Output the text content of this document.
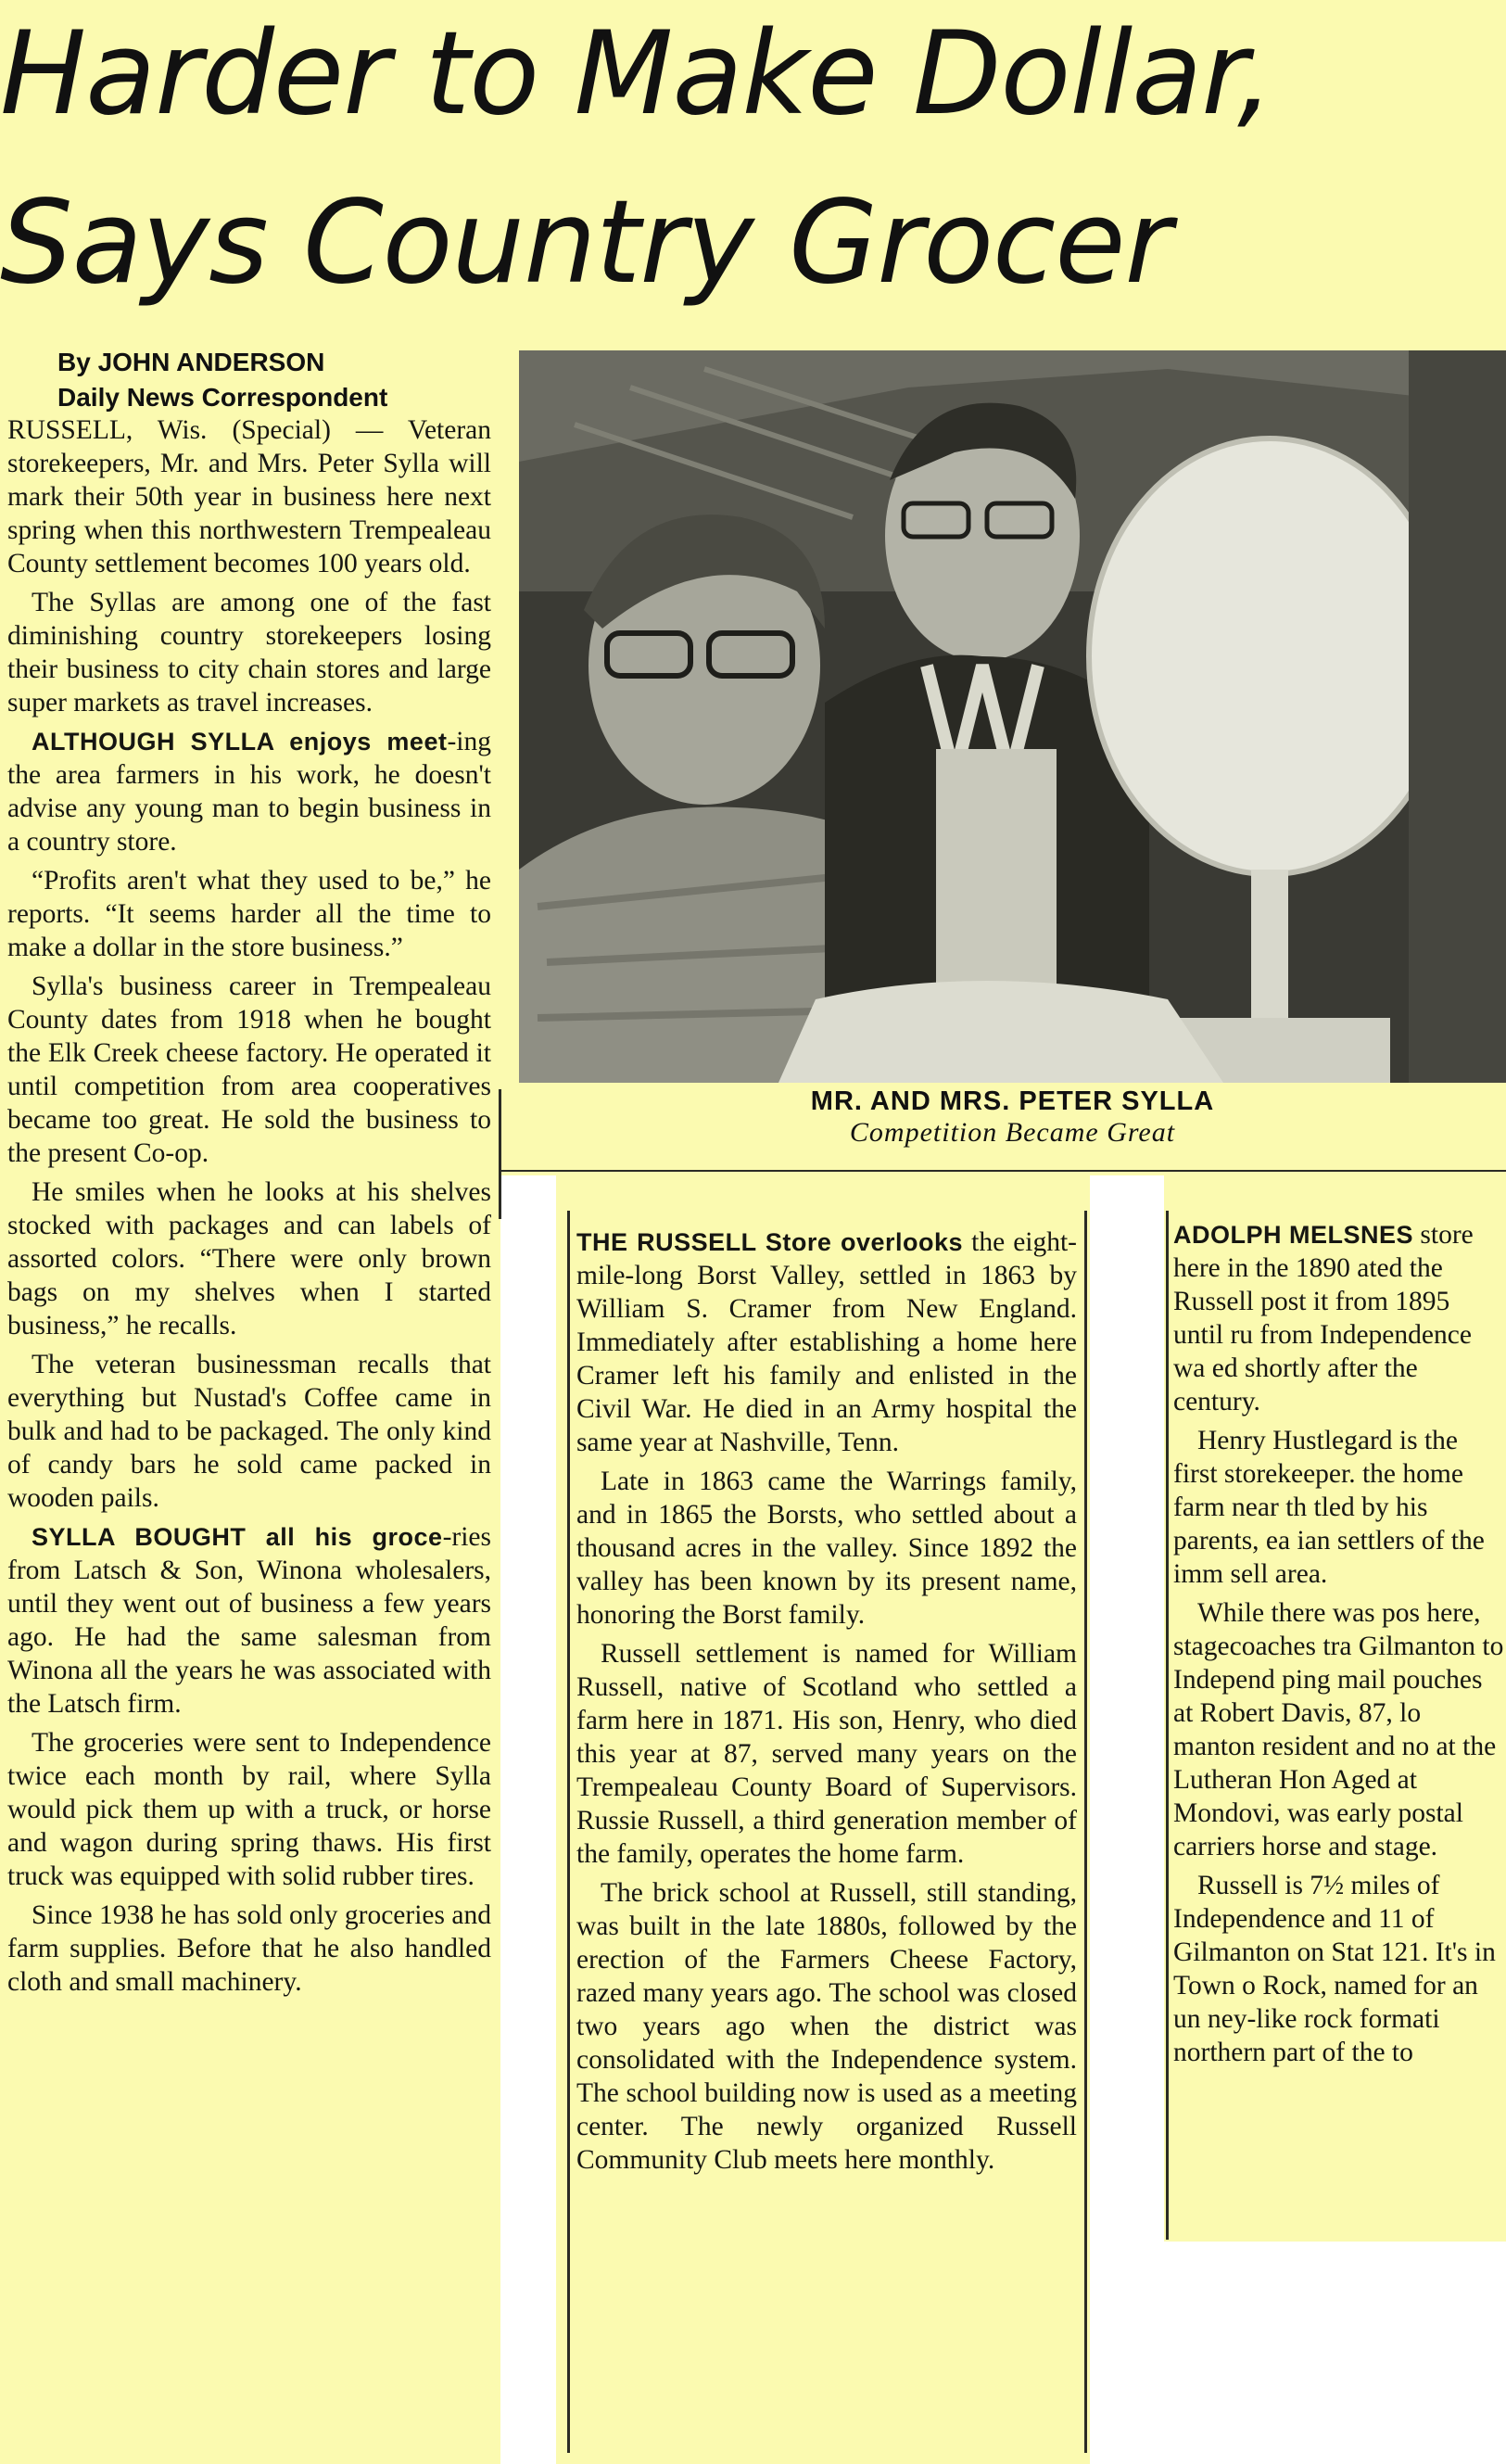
Harder to Make Dollar,
Says Country Grocer
By JOHN ANDERSON
Daily News Correspondent

RUSSELL, Wis. (Special) — Veteran storekeepers, Mr. and Mrs. Peter Sylla will mark their 50th year in business here next spring when this northwestern Trempealeau County settlement becomes 100 years old.

The Syllas are among one of the fast diminishing country storekeepers losing their business to city chain stores and large super markets as travel increases.

ALTHOUGH SYLLA enjoys meet‑ing the area farmers in his work, he doesn't advise any young man to begin business in a country store.

“Profits aren't what they used to be,” he reports. “It seems harder all the time to make a dollar in the store business.”

Sylla's business career in Trempealeau County dates from 1918 when he bought the Elk Creek cheese factory. He operated it until competition from area cooperatives became too great. He sold the business to the present Co-op.

He smiles when he looks at his shelves stocked with packages and can labels of assorted colors. “There were only brown bags on my shelves when I started business,” he recalls.

The veteran businessman recalls that everything but Nustad's Coffee came in bulk and had to be packaged. The only kind of candy bars he sold came packed in wooden pails.

SYLLA BOUGHT all his groce‑ries from Latsch & Son, Winona wholesalers, until they went out of business a few years ago. He had the same salesman from Winona all the years he was associated with the Latsch firm.

The groceries were sent to Independence twice each month by rail, where Sylla would pick them up with a truck, or horse and wagon during spring thaws. His first truck was equipped with solid rubber tires.

Since 1938 he has sold only groceries and farm supplies. Before that he also handled cloth and small machinery.

MR. AND MRS. PETER SYLLA
Competition Became Great

THE RUSSELL Store overlooks the eight-mile-long Borst Valley, settled in 1863 by William S. Cramer from New England. Immediately after establishing a home here Cramer left his family and enlisted in the Civil War. He died in an Army hospital the same year at Nashville, Tenn.

Late in 1863 came the Warrings family, and in 1865 the Borsts, who settled about a thousand acres in the valley. Since 1892 the valley has been known by its present name, honoring the Borst family.

Russell settlement is named for William Russell, native of Scotland who settled a farm here in 1871. His son, Henry, who died this year at 87, served many years on the Trempealeau County Board of Supervisors. Russie Russell, a third generation member of the family, operates the home farm.

The brick school at Russell, still standing, was built in the late 1880s, followed by the erection of the Farmers Cheese Factory, razed many years ago. The school was closed two years ago when the district was consolidated with the Independence system. The school building now is used as a meeting center. The newly organized Russell Community Club meets here monthly.

ADOLPH MELSNES store here in the 1890 ated the Russell post it from 1895 until ru from Independence wa ed shortly after the century.

Henry Hustlegard is the first storekeeper. the home farm near th tled by his parents, ea ian settlers of the imm sell area.

While there was pos here, stagecoaches tra Gilmanton to Independ ping mail pouches at Robert Davis, 87, lo manton resident and no at the Lutheran Hon Aged at Mondovi, was early postal carriers horse and stage.

Russell is 7½ miles of Independence and 11 of Gilmanton on Stat 121. It's in Town o Rock, named for an un ney-like rock formati northern part of the to
